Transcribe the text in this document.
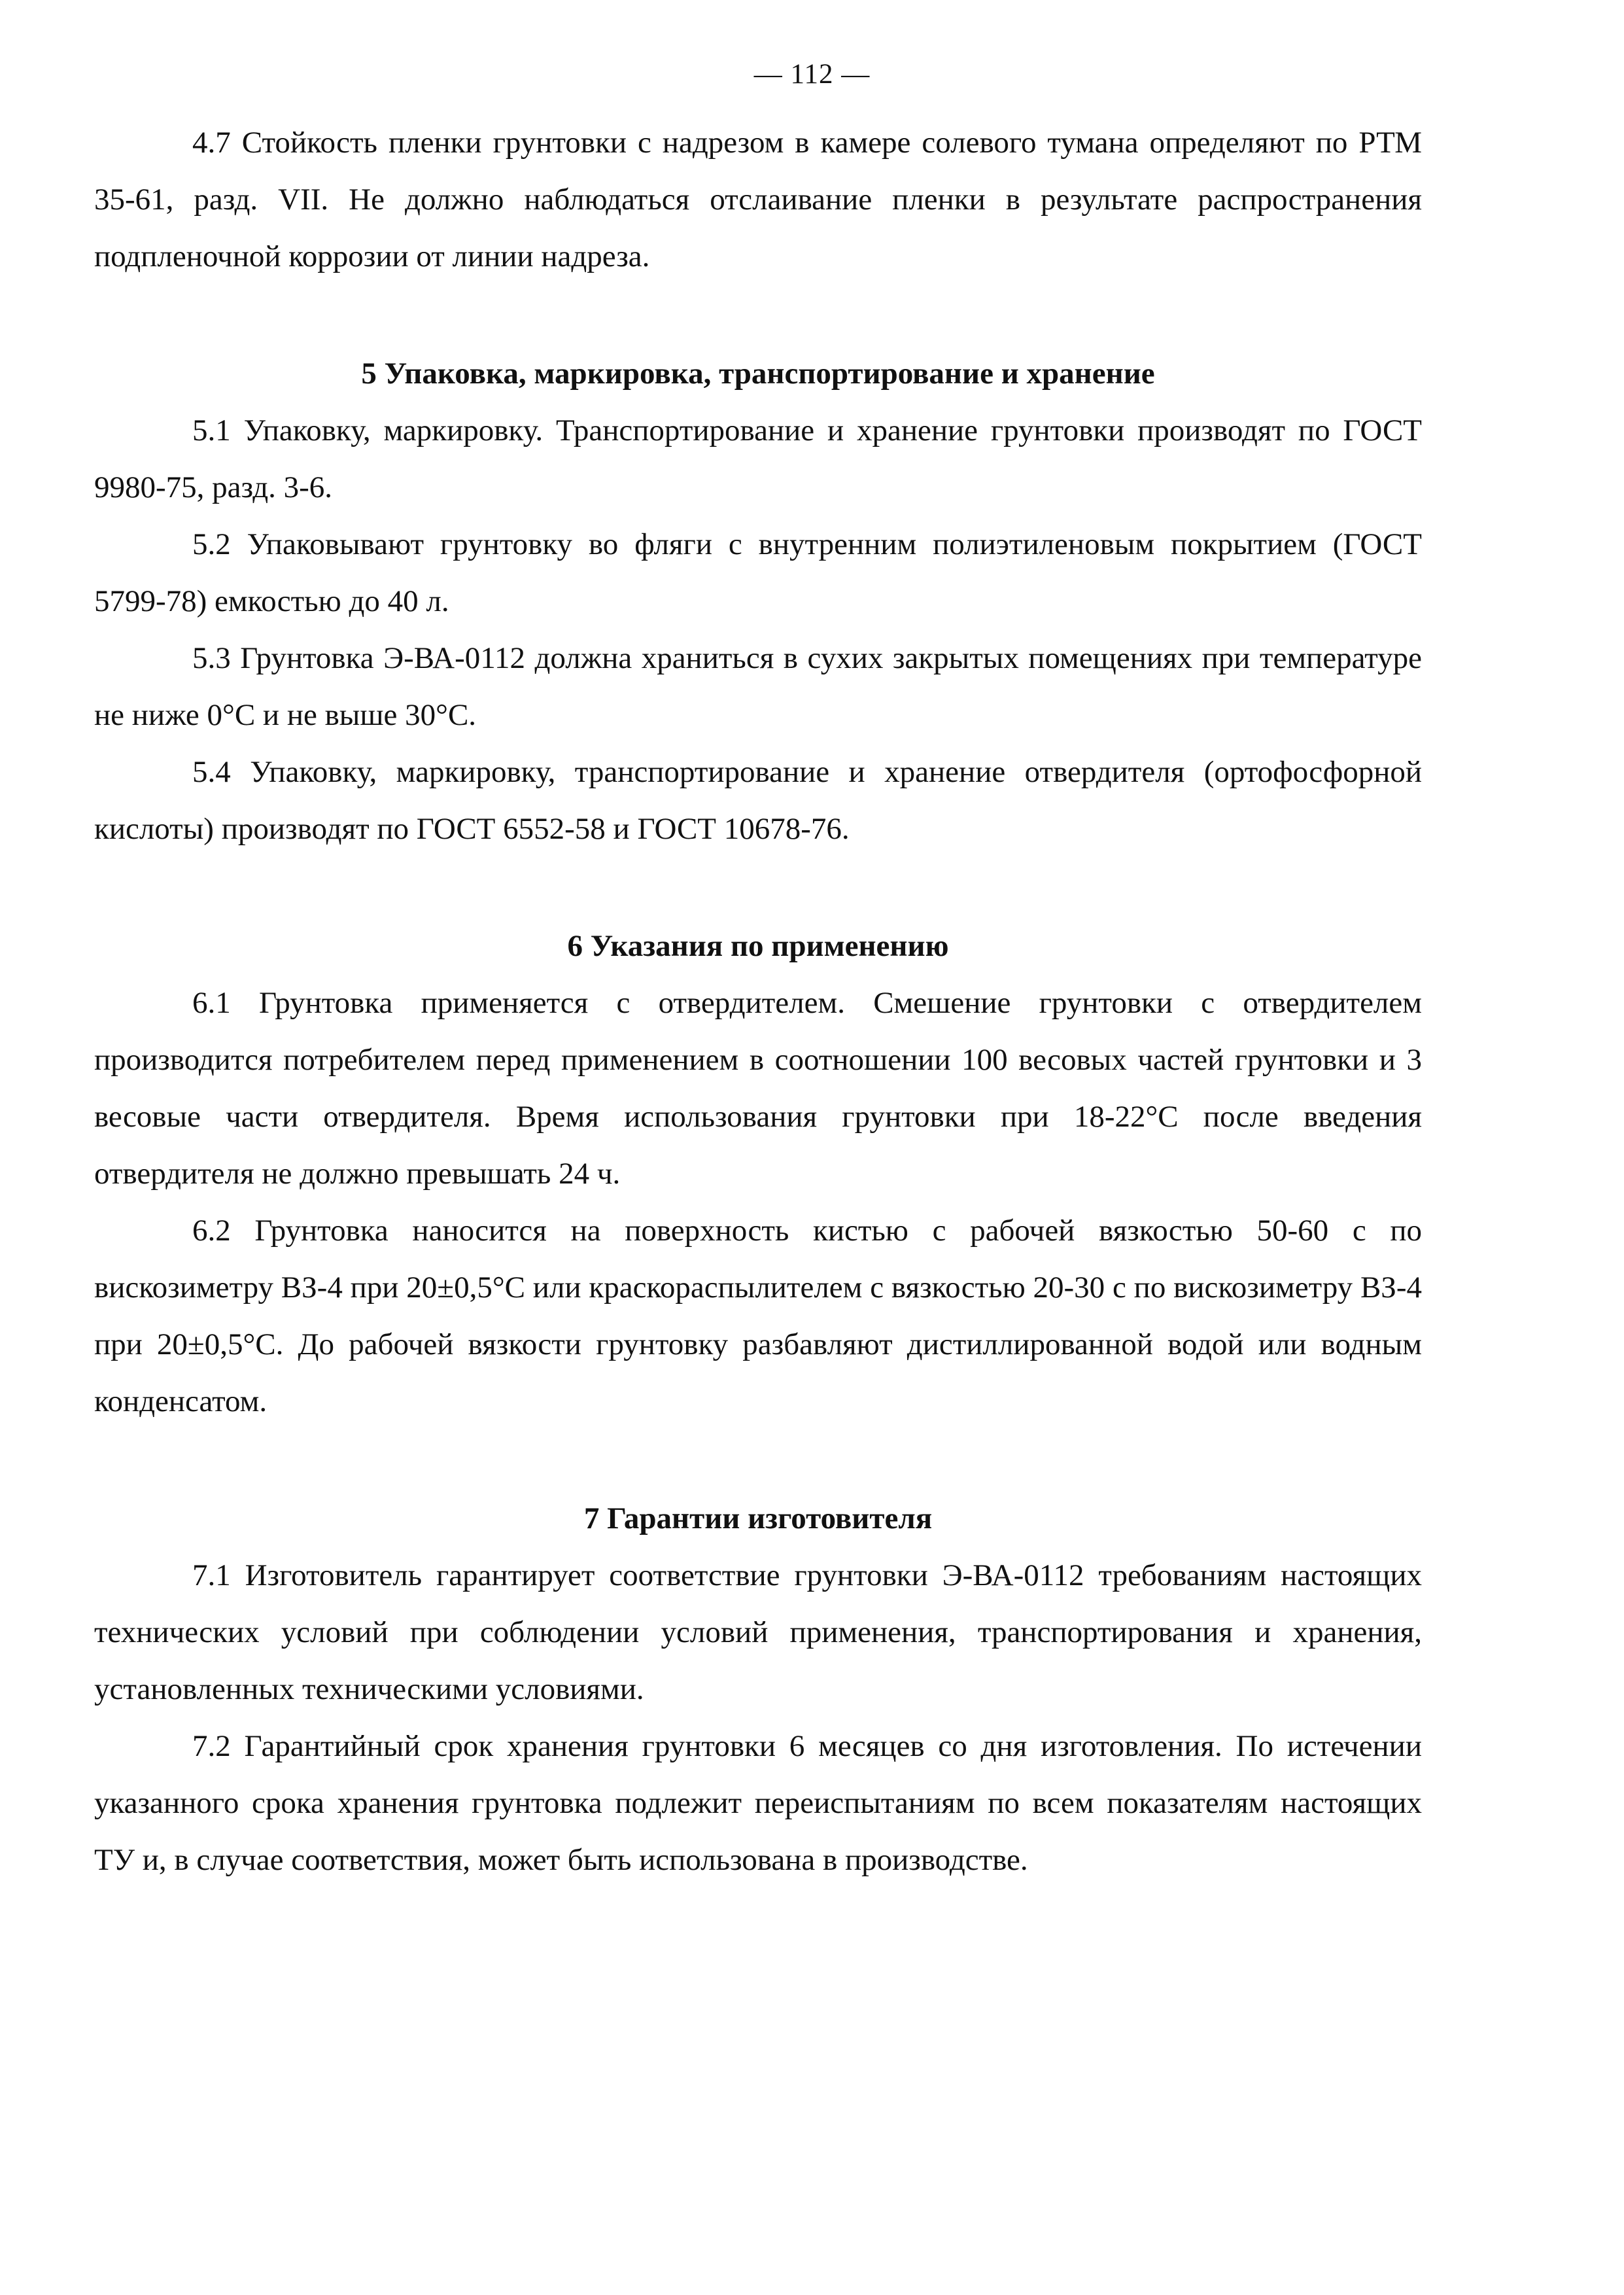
— 112 —

4.7 Стойкость пленки грунтовки с надрезом в камере солевого тумана определяют по РТМ 35-61, разд. VII. Не должно наблюдаться отслаивание пленки в результате распространения подпленочной коррозии от линии надреза.

5 Упаковка, маркировка, транспортирование и хранение

5.1 Упаковку, маркировку. Транспортирование и хранение грунтовки производят по ГОСТ 9980-75, разд. 3-6.

5.2 Упаковывают грунтовку во фляги с внутренним полиэтиленовым покрытием (ГОСТ 5799-78) емкостью до 40 л.

5.3 Грунтовка Э-ВА-0112 должна храниться в сухих закрытых помещениях при температуре не ниже 0°С и не выше 30°С.

5.4 Упаковку, маркировку, транспортирование и хранение отвердителя (ортофосфорной кислоты) производят по ГОСТ 6552-58 и ГОСТ 10678-76.

6 Указания по применению

6.1 Грунтовка применяется с отвердителем. Смешение грунтовки с отвердителем производится потребителем перед применением в соотношении 100 весовых частей грунтовки и 3 весовые части отвердителя. Время использования грунтовки при 18-22°С после введения отвердителя не должно превышать 24 ч.

6.2 Грунтовка наносится на поверхность кистью с рабочей вязкостью 50-60 с по вискозиметру ВЗ-4 при 20±0,5°С или краскораспылителем с вязкостью 20-30 с по вискозиметру ВЗ-4 при 20±0,5°С. До рабочей вязкости грунтовку разбавляют дистиллированной водой или водным конденсатом.

7 Гарантии изготовителя

7.1 Изготовитель гарантирует соответствие грунтовки Э-ВА-0112 требованиям настоящих технических условий при соблюдении условий применения, транспортирования и хранения, установленных техническими условиями.

7.2 Гарантийный срок хранения грунтовки 6 месяцев со дня изготовления. По истечении указанного срока хранения грунтовка подлежит переиспытаниям по всем показателям настоящих ТУ и, в случае соответствия, может быть использована в производстве.
